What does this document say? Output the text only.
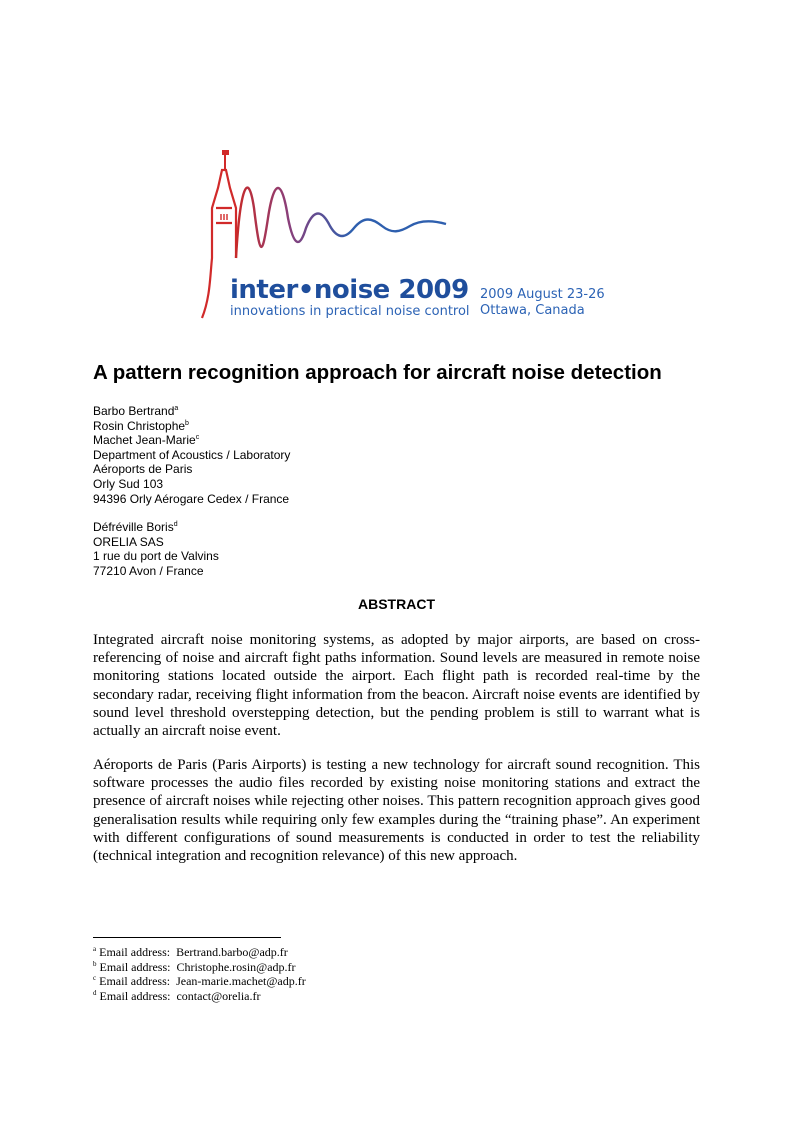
inter•noise 2009
innovations in practical noise control
2009 August 23-26
Ottawa, Canada
A pattern recognition approach for aircraft noise detection
Barbo Bertrand$^a$
Rosin Christophe$^b$
Machet Jean-Marie$^c$
Department of Acoustics / Laboratory
Aéroports de Paris
Orly Sud 103
94396 Orly Aérogare Cedex / France
Défréville Boris$^d$
ORELIA SAS
1 rue du port de Valvins
77210 Avon / France
ABSTRACT
Integrated aircraft noise monitoring systems, as adopted by major airports, are based on cross-referencing of noise and aircraft fight paths information. Sound levels are measured in remote noise monitoring stations located outside the airport. Each flight path is recorded real-time by the secondary radar, receiving flight information from the beacon. Aircraft noise events are identified by sound level threshold overstepping detection, but the pending problem is still to warrant what is actually an aircraft noise event.
Aéroports de Paris (Paris Airports) is testing a new technology for aircraft sound recognition. This software processes the audio files recorded by existing noise monitoring stations and extract the presence of aircraft noises while rejecting other noises. This pattern recognition approach gives good generalisation results while requiring only few examples during the “training phase”. An experiment with different configurations of sound measurements is conducted in order to test the reliability (technical integration and recognition relevance) of this new approach.
$^a$ Email address: Bertrand.barbo@adp.fr
$^b$ Email address: Christophe.rosin@adp.fr
$^c$ Email address: Jean-marie.machet@adp.fr
$^d$ Email address: contact@orelia.fr
